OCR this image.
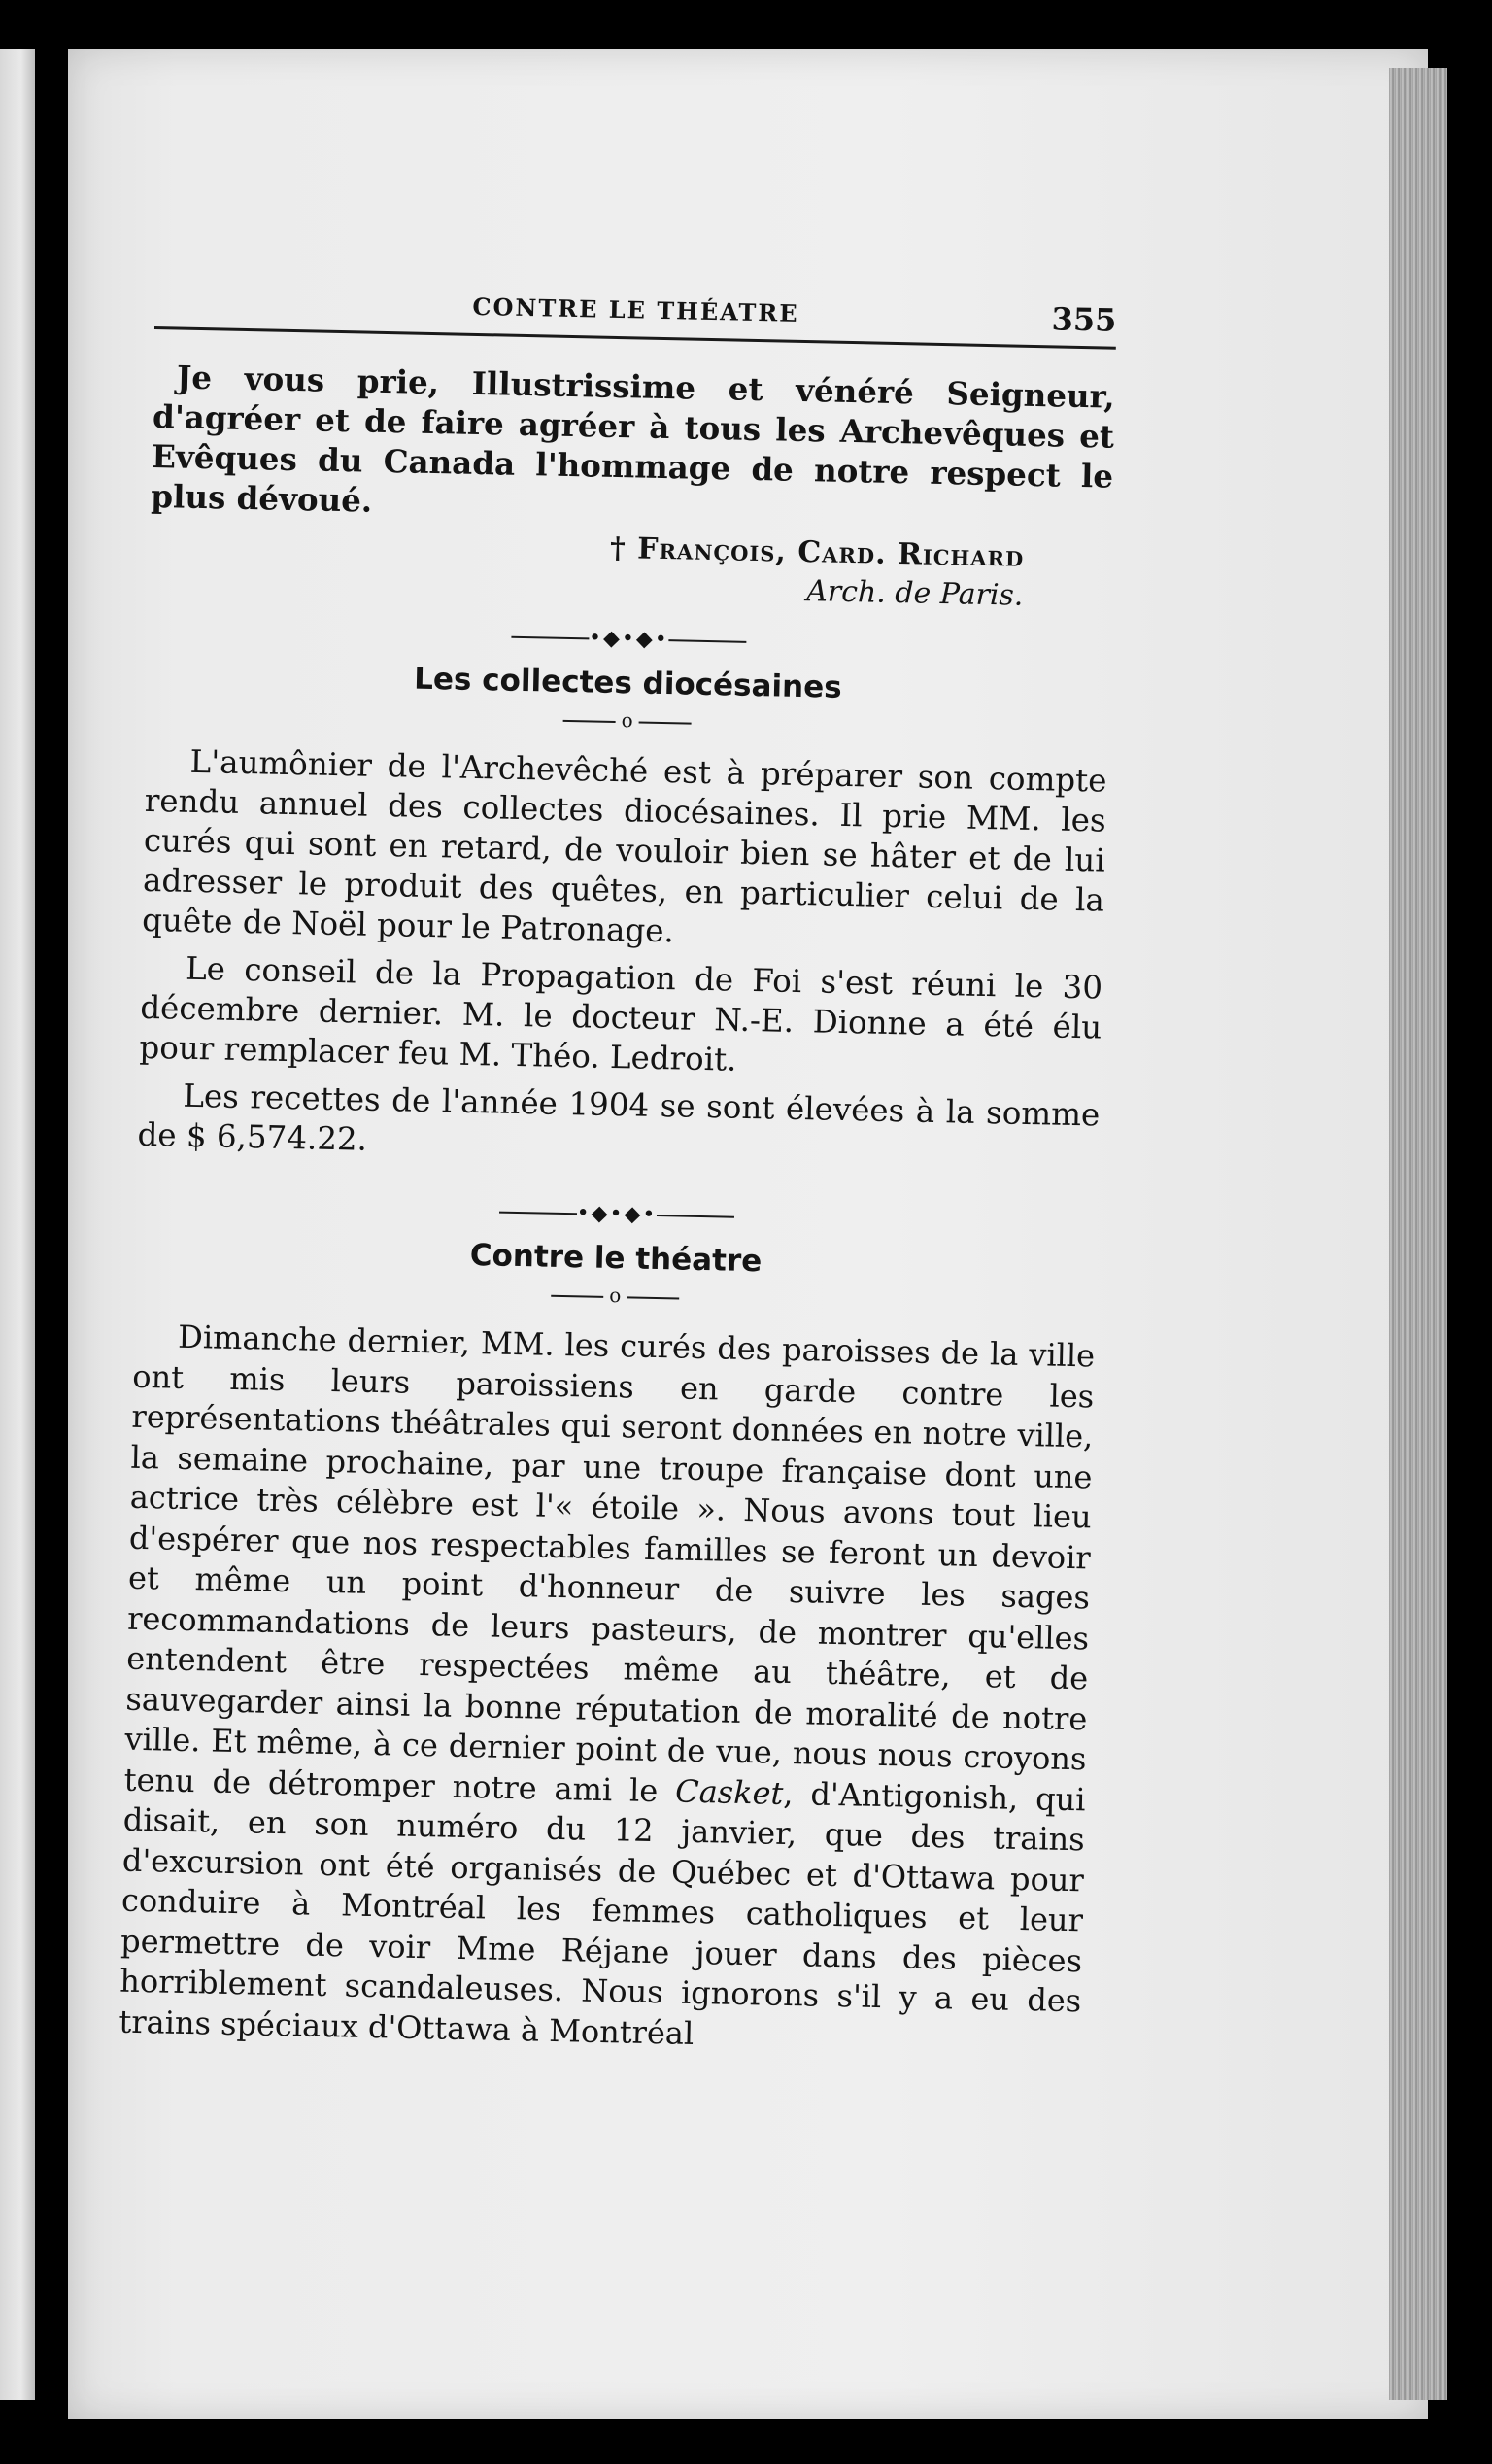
CONTRE LE THÉATRE	355

Je vous prie, Illustrissime et vénéré Seigneur, d'agréer et de faire agréer à tous les Archevêques et Evêques du Canada l'hommage de notre respect le plus dévoué.

† François, Card. Richard
Arch. de Paris.
•◆•◆•
Les collectes diocésaines
o

L'aumônier de l'Archevêché est à préparer son compte rendu annuel des collectes diocésaines. Il prie MM. les curés qui sont en retard, de vouloir bien se hâter et de lui adresser le produit des quêtes, en particulier celui de la quête de Noël pour le Patronage.

Le conseil de la Propagation de Foi s'est réuni le 30 décembre dernier. M. le docteur N.-E. Dionne a été élu pour remplacer feu M. Théo. Ledroit.

Les recettes de l'année 1904 se sont élevées à la somme de $ 6,574.22.

•◆•◆•
Contre le théatre
o

Dimanche dernier, MM. les curés des paroisses de la ville ont mis leurs paroissiens en garde contre les représentations théâtrales qui seront données en notre ville, la semaine prochaine, par une troupe française dont une actrice très célèbre est l'« étoile ». Nous avons tout lieu d'espérer que nos respectables familles se feront un devoir et même un point d'honneur de suivre les sages recommandations de leurs pasteurs, de montrer qu'elles entendent être respectées même au théâtre, et de sauvegarder ainsi la bonne réputation de moralité de notre ville. Et même, à ce dernier point de vue, nous nous croyons tenu de détromper notre ami le Casket, d'Antigonish, qui disait, en son numéro du 12 janvier, que des trains d'excursion ont été organisés de Québec et d'Ottawa pour conduire à Montréal les femmes catholiques et leur permettre de voir Mme Réjane jouer dans des pièces horriblement scandaleuses. Nous ignorons s'il y a eu des trains spéciaux d'Ottawa à Montréal
